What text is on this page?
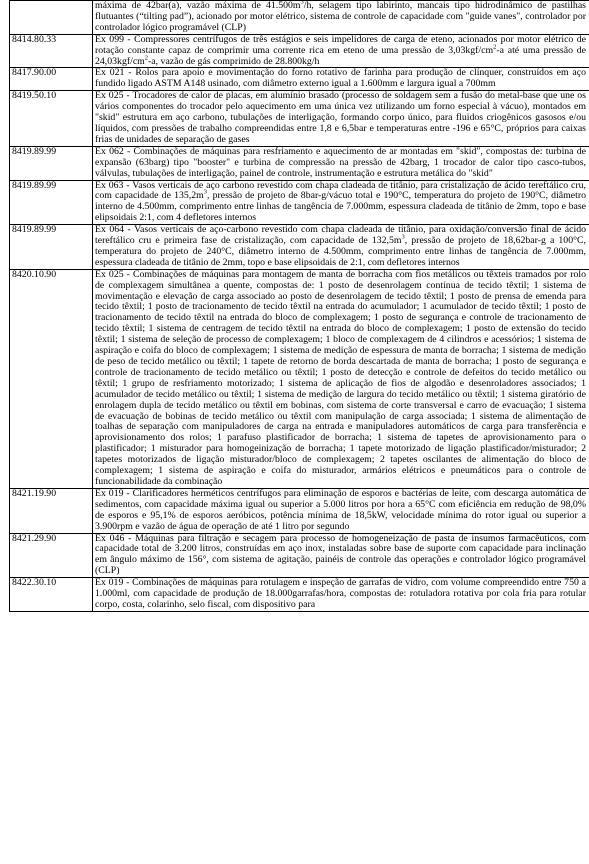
	máxima de 42bar(a), vazão máxima de $41.500m^3/h$, selagem tipo labirinto, mancais tipo hidrodinâmico de pastilhas flutuantes (“tilting pad”), acionado por motor elétrico, sistema de controle de capacidade com "guide vanes", controlador por controlador lógico programável (CLP)
8414.80.33	Ex 099 - Compressores centrífugos de três estágios e seis impelidores de carga de eteno, acionados por motor elétrico de rotação constante capaz de comprimir uma corrente rica em eteno de uma pressão de $3,03kgf/cm^2-a$ até uma pressão de $24,03kgf/cm^2-a$, vazão de gás comprimido de 28.800kg/h
8417.90.00	Ex 021 - Rolos para apoio e movimentação do forno rotativo de farinha para produção de clínquer, construídos em aço fundido ligado ASTM A148 usinado, com diâmetro externo igual a 1.600mm e largura igual a 700mm
8419.50.10	Ex 025 - Trocadores de calor de placas, em alumínio brasado (processo de soldagem sem a fusão do metal-base que une os vários componentes do trocador pelo aquecimento em uma única vez utilizando um forno especial à vácuo), montados em "skid" estrutura em aço carbono, tubulações de interligação, formando corpo único, para fluidos criogênicos gasosos e/ou líquidos, com pressões de trabalho compreendidas entre 1,8 e 6,5bar e temperaturas entre -196 e 65°C, próprios para caixas frias de unidades de separação de gases
8419.89.99	Ex 062 - Combinações de máquinas para resfriamento e aquecimento de ar montadas em "skid", compostas de: turbina de expansão (63barg) tipo "booster" e turbina de compressão na pressão de 42barg, 1 trocador de calor tipo casco-tubos, válvulas, tubulações de interligação, painel de controle, instrumentação e estrutura metálica do "skid"
8419.89.99	Ex 063 - Vasos verticais de aço carbono revestido com chapa cladeada de titânio, para cristalização de ácido tereftálico cru, com capacidade de $135,2m^3$, pressão de projeto de 8bar-g/vácuo total e 190°C, temperatura do projeto de 190°C, diâmetro interno de 4.500mm, comprimento entre linhas de tangência de 7.000mm, espessura cladeada de titânio de 2mm, topo e base elipsoidais 2:1, com 4 defletores internos
8419.89.99	Ex 064 - Vasos verticais de aço-carbono revestido com chapa cladeada de titânio, para oxidação/conversão final de ácido tereftálico cru e primeira fase de cristalização, com capacidade de $132,5m^3$, pressão de projeto de 18,62bar-g a 100°C, temperatura do projeto de 240°C, diâmetro interno de 4.500mm, comprimento entre linhas de tangência de 7.000mm, espessura cladeada de titânio de 2mm, topo e base elipsoidais de 2:1, com defletores internos
8420.10.90	Ex 025 - Combinações de máquinas para montagem de manta de borracha com fios metálicos ou têxteis tramados por rolo de complexagem simultânea a quente, compostas de: 1 posto de desenrolagem contínua de tecido têxtil; 1 sistema de movimentação e elevação de carga associado ao posto de desenrolagem de tecido têxtil; 1 posto de prensa de emenda para tecido têxtil; 1 posto de tracionamento de tecido têxtil na entrada do acumulador; 1 acumulador de tecido têxtil; 1 posto de tracionamento de tecido têxtil na entrada do bloco de complexagem; 1 posto de segurança e controle de tracionamento de tecido têxtil; 1 sistema de centragem de tecido têxtil na entrada do bloco de complexagem; 1 posto de extensão do tecido têxtil; 1 sistema de seleção de processo de complexagem; 1 bloco de complexagem de 4 cilindros e acessórios; 1 sistema de aspiração e coifa do bloco de complexagem; 1 sistema de medição de espessura de manta de borracha; 1 sistema de medição de peso de tecido metálico ou têxtil; 1 tapete de retorno de borda descartada de manta de borracha; 1 posto de segurança e controle de tracionamento de tecido metálico ou têxtil; 1 posto de detecção e controle de defeitos do tecido metálico ou têxtil; 1 grupo de resfriamento motorizado; 1 sistema de aplicação de fios de algodão e desenroladores associados; 1 acumulador de tecido metálico ou têxtil; 1 sistema de medição de largura do tecido metálico ou têxtil; 1 sistema giratório de enrolagem dupla de tecido metálico ou têxtil em bobinas, com sistema de corte transversal e carro de evacuação; 1 sistema de evacuação de bobinas de tecido metálico ou têxtil com manipulação de carga associada; 1 sistema de alimentação de toalhas de separação com manipuladores de carga na entrada e manipuladores automáticos de carga para transferência e aprovisionamento dos rolos; 1 parafuso plastificador de borracha; 1 sistema de tapetes de aprovisionamento para o plastificador; 1 misturador para homogeinização de borracha; 1 tapete motorizado de ligação plastificador/misturador; 2 tapetes motorizados de ligação misturador/bloco de complexagem; 2 tapetes oscilantes de alimentação do bloco de complexagem; 1 sistema de aspiração e coifa do misturador, armários elétricos e pneumáticos para o controle de funcionabilidade da combinação
8421.19.90	Ex 019 - Clarificadores herméticos centrífugos para eliminação de esporos e bactérias de leite, com descarga automática de sedimentos, com capacidade máxima igual ou superior a 5.000 litros por hora a 65°C com eficiência em redução de 98,0% de esporos e 95,1% de esporos aeróbicos, potência mínima de 18,5kW, velocidade mínima do rotor igual ou superior a 3.900rpm e vazão de água de operação de até 1 litro por segundo
8421.29.90	Ex 046 - Máquinas para filtração e secagem para processo de homogeneização de pasta de insumos farmacêuticos, com capacidade total de 3.200 litros, construídas em aço inox, instaladas sobre base de suporte com capacidade para inclinação em ângulo máximo de 156°, com sistema de agitação, painéis de controle das operações e controlador lógico programável (CLP)
8422.30.10	Ex 019 - Combinações de máquinas para rotulagem e inspeção de garrafas de vidro, com volume compreendido entre 750 a 1.000ml, com capacidade de produção de 18.000garrafas/hora, compostas de: rotuladora rotativa por cola fria para rotular corpo, costa, colarinho, selo fiscal, com dispositivo para
